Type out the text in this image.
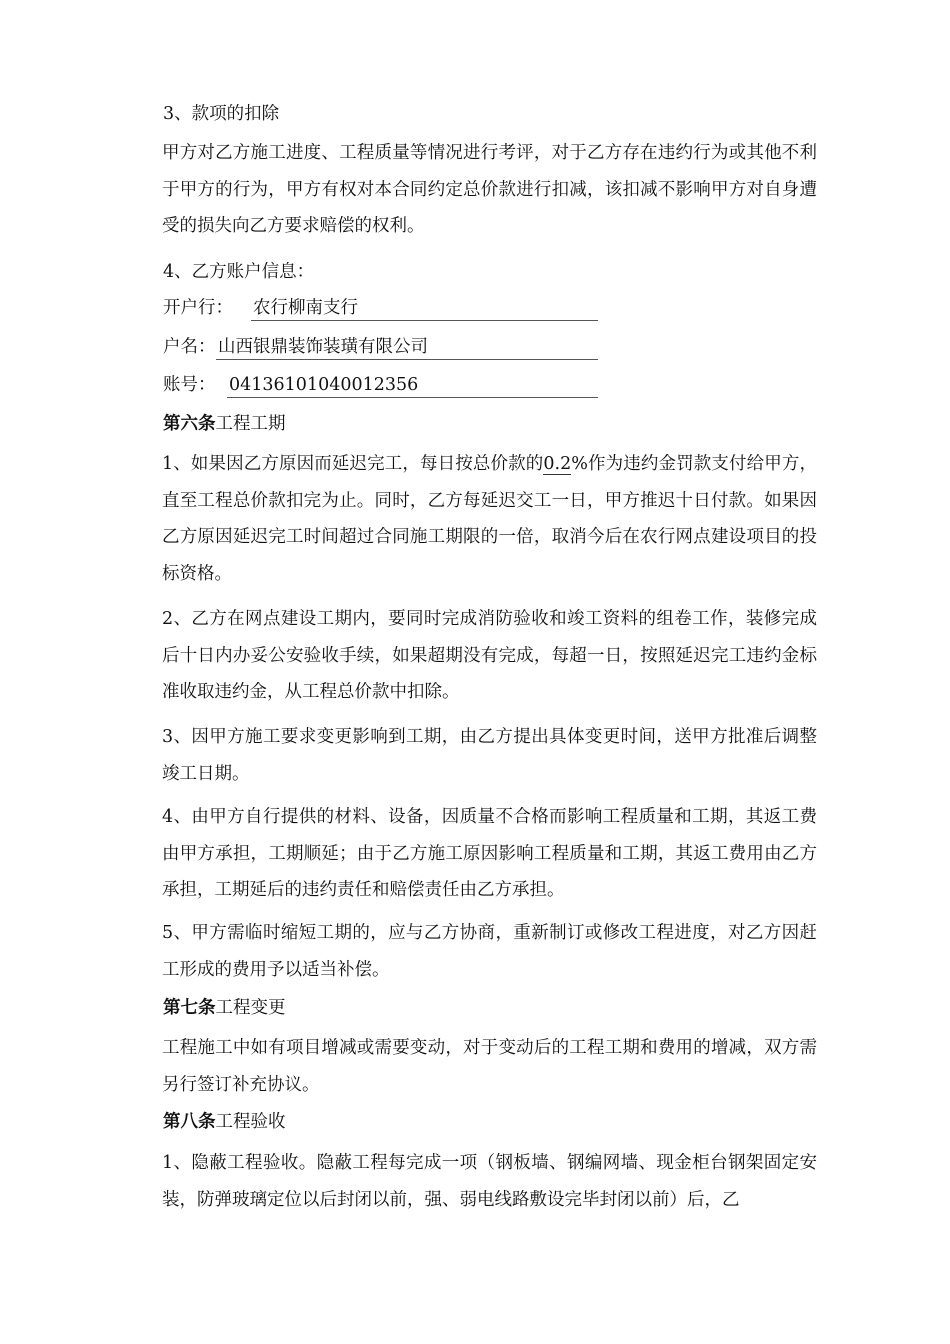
3、款项的扣除
甲方对乙方施工进度、工程质量等情况进行考评，对于乙方存在违约行为或其他不利于甲方的行为，甲方有权对本合同约定总价款进行扣减，该扣减不影响甲方对自身遭受的损失向乙方要求赔偿的权利。
4、乙方账户信息：
开户行： 农行柳南支行
户名： 山西银鼎装饰装璜有限公司
账号： 04136101040012356
第六条工程工期
1、如果因乙方原因而延迟完工，每日按总价款的0.2%作为违约金罚款支付给甲方，直至工程总价款扣完为止。同时，乙方每延迟交工一日，甲方推迟十日付款。如果因乙方原因延迟完工时间超过合同施工期限的一倍，取消今后在农行网点建设项目的投标资格。
2、乙方在网点建设工期内，要同时完成消防验收和竣工资料的组卷工作，装修完成后十日内办妥公安验收手续，如果超期没有完成，每超一日，按照延迟完工违约金标准收取违约金，从工程总价款中扣除。
3、因甲方施工要求变更影响到工期，由乙方提出具体变更时间，送甲方批准后调整竣工日期。
4、由甲方自行提供的材料、设备，因质量不合格而影响工程质量和工期，其返工费由甲方承担，工期顺延；由于乙方施工原因影响工程质量和工期，其返工费用由乙方承担，工期延后的违约责任和赔偿责任由乙方承担。
5、甲方需临时缩短工期的，应与乙方协商，重新制订或修改工程进度，对乙方因赶工形成的费用予以适当补偿。
第七条工程变更
工程施工中如有项目增减或需要变动，对于变动后的工程工期和费用的增减，双方需另行签订补充协议。
第八条工程验收
1、隐蔽工程验收。隐蔽工程每完成一项（钢板墙、钢编网墙、现金柜台钢架固定安装，防弹玻璃定位以后封闭以前，强、弱电线路敷设完毕封闭以前）后，乙
